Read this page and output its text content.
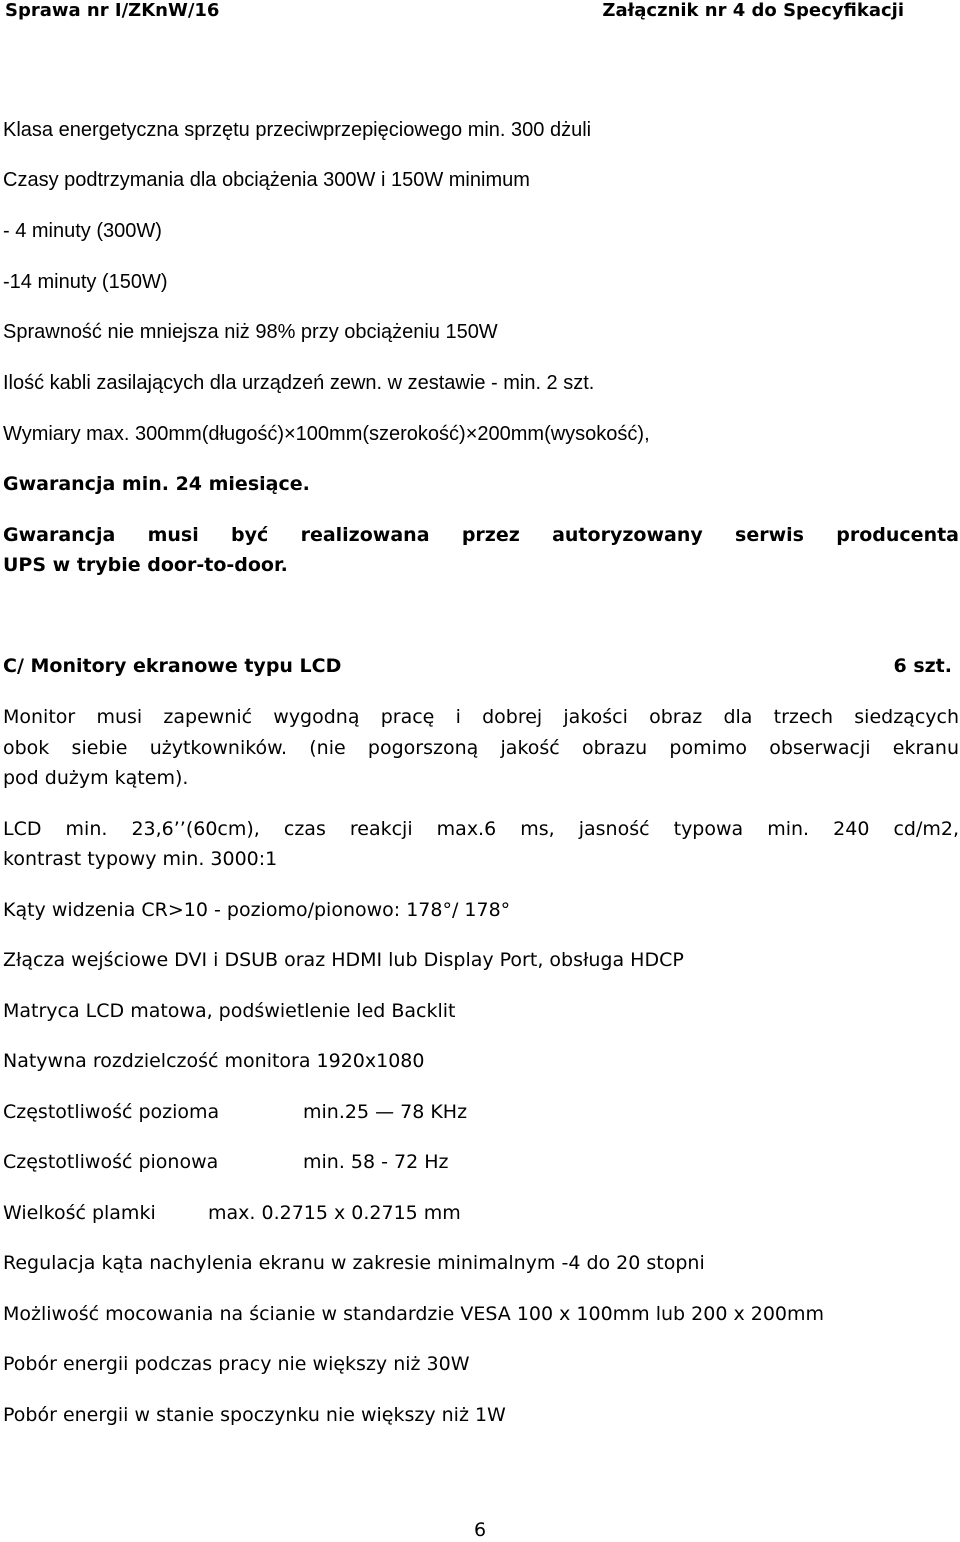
Sprawa nr I/ZKnW/16	Załącznik nr 4 do Specyfikacji
Klasa energetyczna sprzętu przeciwprzepięciowego min. 300 dżuli
Czasy podtrzymania dla obciążenia 300W i 150W minimum
- 4 minuty (300W)
-14 minuty (150W)
Sprawność nie mniejsza niż 98% przy obciążeniu 150W
Ilość kabli zasilających dla urządzeń zewn. w zestawie - min. 2 szt.
Wymiary max. 300mm(długość)×100mm(szerokość)×200mm(wysokość),
Gwarancja min. 24 miesiące.
Gwarancja musi być realizowana przez autoryzowany serwis producenta
UPS w trybie door-to-door.
C/ Monitory ekranowe typu LCD	6 szt.
Monitor musi zapewnić wygodną pracę i dobrej jakości obraz dla trzech siedzących
obok siebie użytkowników. (nie pogorszoną jakość obrazu pomimo obserwacji ekranu
pod dużym kątem).
LCD min. 23,6’’(60cm), czas reakcji max.6 ms, jasność typowa min. 240 cd/m2,
kontrast typowy min. 3000:1
Kąty widzenia CR>10 - poziomo/pionowo: 178°/ 178°
Złącza wejściowe DVI i DSUB oraz HDMI lub Display Port, obsługa HDCP
Matryca LCD matowa, podświetlenie led Backlit
Natywna rozdzielczość monitora 1920x1080
Częstotliwość pozioma	min.25 — 78 KHz
Częstotliwość pionowa	min. 58 - 72 Hz
Wielkość plamki	max. 0.2715 x 0.2715 mm
Regulacja kąta nachylenia ekranu w zakresie minimalnym -4 do 20 stopni
Możliwość mocowania na ścianie w standardzie VESA 100 x 100mm lub 200 x 200mm
Pobór energii podczas pracy nie większy niż 30W
Pobór energii w stanie spoczynku nie większy niż 1W
6
